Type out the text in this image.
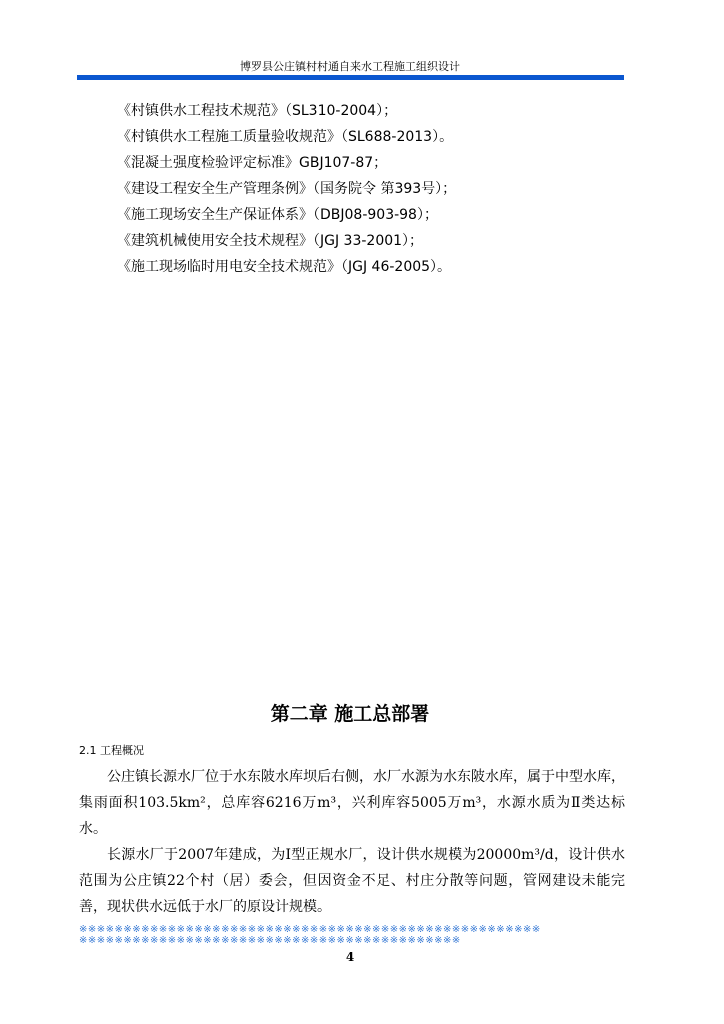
博罗县公庄镇村村通自来水工程施工组织设计
《村镇供水工程技术规范》（SL310-2004）；
《村镇供水工程施工质量验收规范》（SL688-2013）。
《混凝土强度检验评定标准》GBJ107-87；
《建设工程安全生产管理条例》（国务院令 第393号）；
《施工现场安全生产保证体系》（DBJ08-903-98）；
《建筑机械使用安全技术规程》（JGJ 33-2001）；
《施工现场临时用电安全技术规范》（JGJ 46-2005）。
第二章 施工总部署
2.1 工程概况

公庄镇长源水厂位于水东陂水库坝后右侧，水厂水源为水东陂水库，属于中型水库，集雨面积103.5km²，总库容6216万m³，兴利库容5005万m³，水源水质为Ⅱ类达标水。

长源水厂于2007年建成，为Ⅰ型正规水厂，设计供水规模为20000m³/d，设计供水范围为公庄镇22个村（居）委会，但因资金不足、村庄分散等问题，管网建设未能完善，现状供水远低于水厂的原设计规模。

※※※※※※※※※※※※※※※※※※※※※※※※※※※※※※※※※※※※※※※※※※※※※※※※※※※※
※※※※※※※※※※※※※※※※※※※※※※※※※※※※※※※※※※※※※※※※※※※
4
